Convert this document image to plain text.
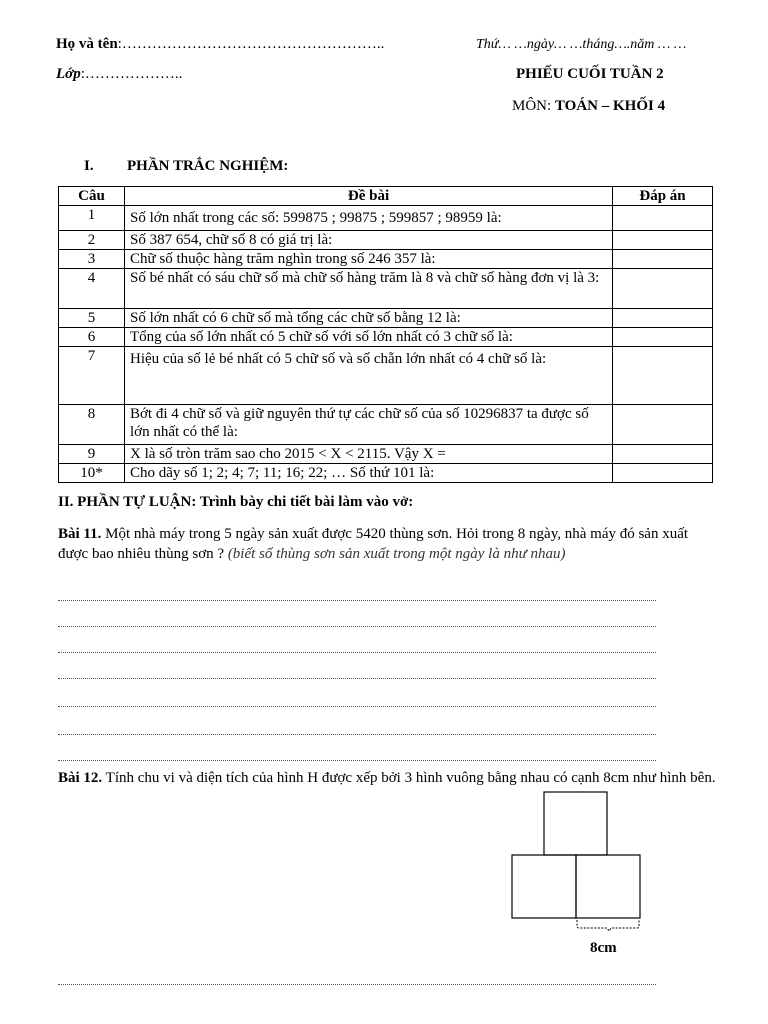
Họ và tên:……………………………………………..	Thứ… …ngày… …tháng….năm … …
Lớp:………………..	PHIẾU CUỐI TUẦN 2
MÔN: TOÁN – KHỐI 4
I. PHẦN TRẮC NGHIỆM:
Câu	Đề bài	Đáp án
1	Số lớn nhất trong các số: 599875 ; 99875 ; 599857 ; 98959 là:	
2	Số 387 654, chữ số 8 có giá trị là:	
3	Chữ số thuộc hàng trăm nghìn trong số 246 357 là:	
4	Số bé nhất có sáu chữ số mà chữ số hàng trăm là 8 và chữ số hàng đơn vị là 3:	
5	Số lớn nhất có 6 chữ số mà tổng các chữ số bằng 12 là:	
6	Tổng của số lớn nhất có 5 chữ số với số lớn nhất có 3 chữ số là:	
7	Hiệu của số lẻ bé nhất có 5 chữ số và số chẵn lớn nhất có 4 chữ số là:	
8	Bớt đi 4 chữ số và giữ nguyên thứ tự các chữ số của số 10296837 ta được số lớn nhất có thể là:	
9	X là số tròn trăm sao cho 2015 < X < 2115. Vậy X =	
10*	Cho dãy số 1; 2; 4; 7; 11; 16; 22; … Số thứ 101 là:	
II. PHẦN TỰ LUẬN: Trình bày chi tiết bài làm vào vở:
Bài 11. Một nhà máy trong 5 ngày sản xuất được 5420 thùng sơn. Hỏi trong 8 ngày, nhà máy đó sản xuất được bao nhiêu thùng sơn ? (biết số thùng sơn sản xuất trong một ngày là như nhau)
Bài 12. Tính chu vi và diện tích của hình H được xếp bởi 3 hình vuông bằng nhau có cạnh 8cm như hình bên.
8cm
